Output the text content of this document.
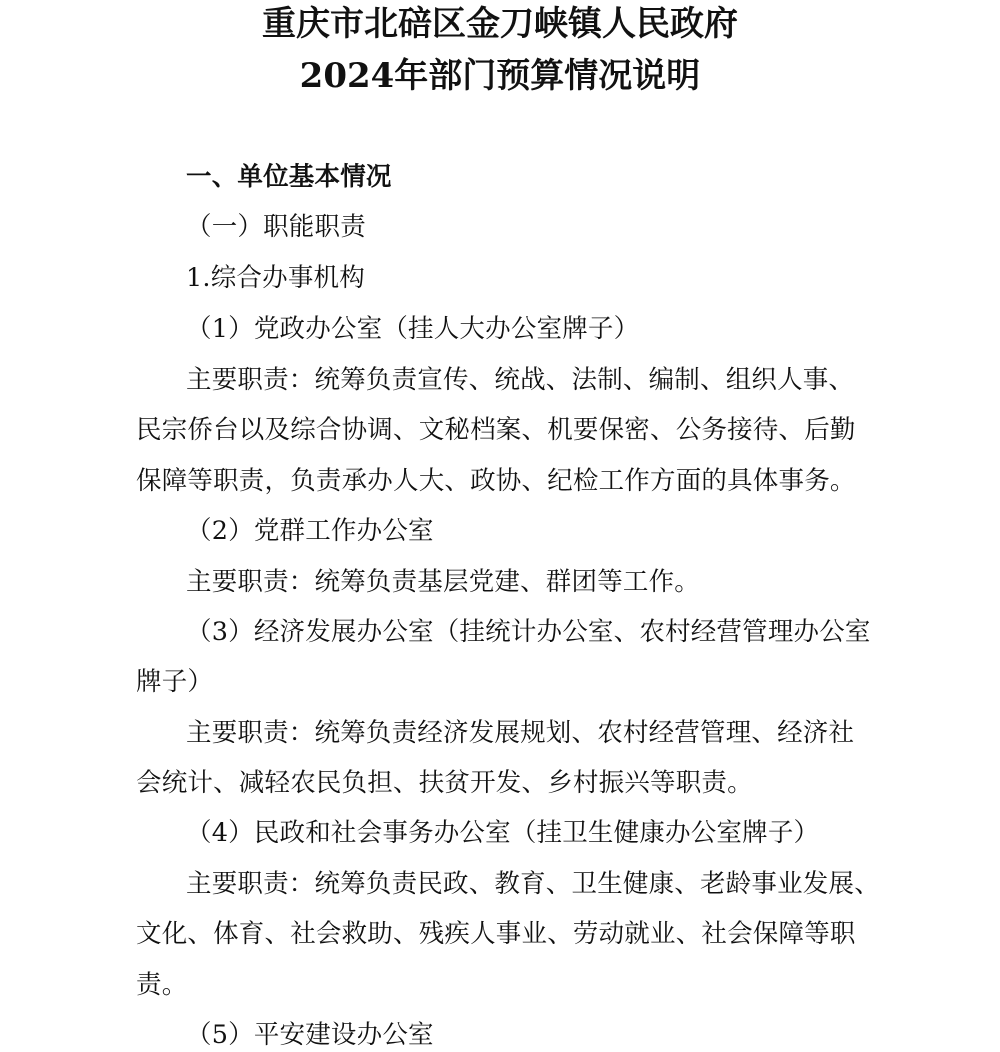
重庆市北碚区金刀峡镇人民政府
2024年部门预算情况说明
一、单位基本情况
（一）职能职责
1.综合办事机构
（1）党政办公室（挂人大办公室牌子）
主要职责：统筹负责宣传、统战、法制、编制、组织人事、
民宗侨台以及综合协调、文秘档案、机要保密、公务接待、后勤
保障等职责，负责承办人大、政协、纪检工作方面的具体事务。
（2）党群工作办公室
主要职责：统筹负责基层党建、群团等工作。
（3）经济发展办公室（挂统计办公室、农村经营管理办公室
牌子）
主要职责：统筹负责经济发展规划、农村经营管理、经济社
会统计、减轻农民负担、扶贫开发、乡村振兴等职责。
（4）民政和社会事务办公室（挂卫生健康办公室牌子）
主要职责：统筹负责民政、教育、卫生健康、老龄事业发展、
文化、体育、社会救助、残疾人事业、劳动就业、社会保障等职
责。
（5）平安建设办公室
